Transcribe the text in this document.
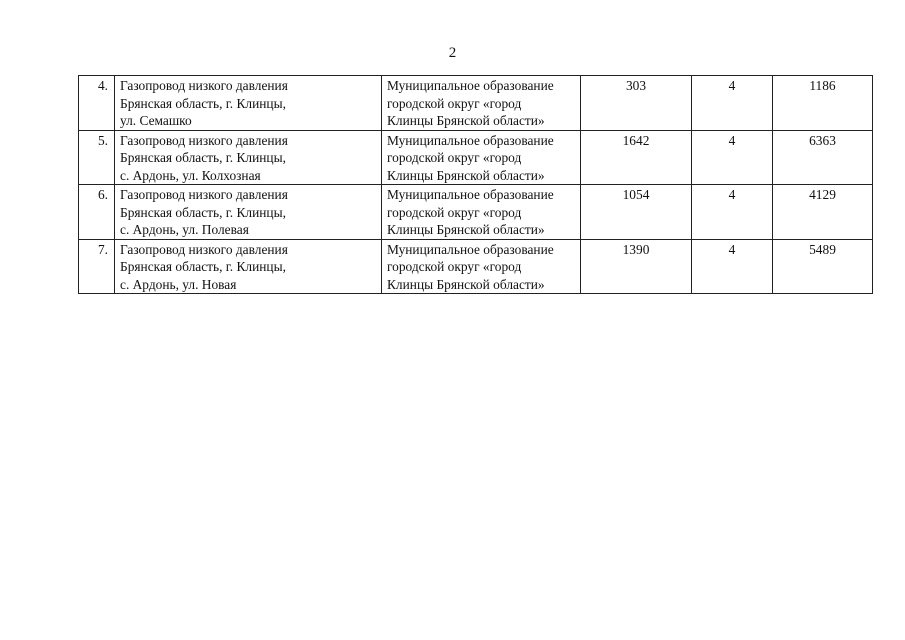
2
4.	Газопровод низкого давления
Брянская область, г. Клинцы,
ул. Семашко	Муниципальное образование
городской округ «город
Клинцы Брянской области»	303	4	1186
5.	Газопровод низкого давления
Брянская область, г. Клинцы,
с. Ардонь, ул. Колхозная	Муниципальное образование
городской округ «город
Клинцы Брянской области»	1642	4	6363
6.	Газопровод низкого давления
Брянская область, г. Клинцы,
с. Ардонь, ул. Полевая	Муниципальное образование
городской округ «город
Клинцы Брянской области»	1054	4	4129
7.	Газопровод низкого давления
Брянская область, г. Клинцы,
с. Ардонь, ул. Новая	Муниципальное образование
городской округ «город
Клинцы Брянской области»	1390	4	5489
